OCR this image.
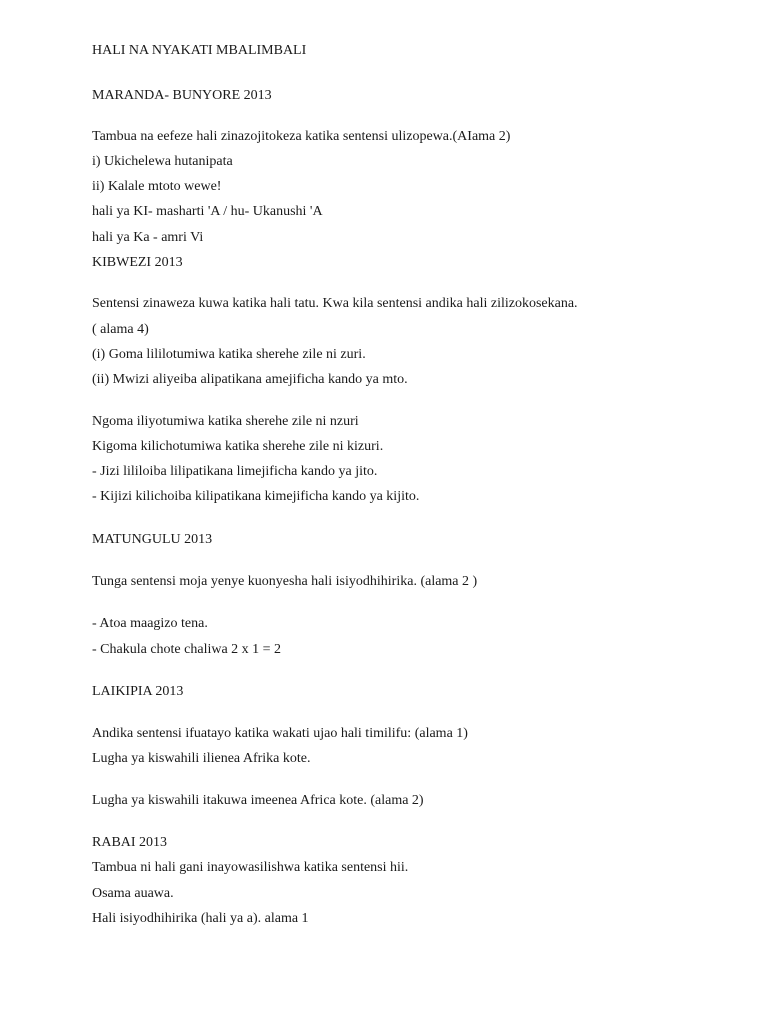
HALI NA NYAKATI MBALIMBALI

MARANDA- BUNYORE 2013

Tambua na eefeze hali zinazojitokeza katika sentensi ulizopewa.(AIama 2)

i) Ukichelewa hutanipata

ii) Kalale mtoto wewe!

hali ya KI- masharti 'A / hu- Ukanushi 'A

hali ya Ka - amri Vi

KIBWEZI 2013

Sentensi zinaweza kuwa katika hali tatu. Kwa kila sentensi andika hali zilizokosekana.

( alama 4)

(i) Goma lililotumiwa katika sherehe zile ni zuri.

(ii) Mwizi aliyeiba alipatikana amejificha kando ya mto.

Ngoma iliyotumiwa katika sherehe zile ni nzuri

Kigoma kilichotumiwa katika sherehe zile ni kizuri.

- Jizi lililoiba lilipatikana limejificha kando ya jito.

- Kijizi kilichoiba kilipatikana kimejificha kando ya kijito.

MATUNGULU 2013

Tunga sentensi moja yenye kuonyesha hali isiyodhihirika. (alama 2 )

- Atoa maagizo tena.

- Chakula chote chaliwa 2 x 1 = 2

LAIKIPIA 2013

Andika sentensi ifuatayo katika wakati ujao hali timilifu: (alama 1)

Lugha ya kiswahili ilienea Afrika kote.

Lugha ya kiswahili itakuwa imeenea Africa kote. (alama 2)

RABAI 2013

Tambua ni hali gani inayowasilishwa katika sentensi hii.

Osama auawa.

Hali isiyodhihirika (hali ya a). alama 1
